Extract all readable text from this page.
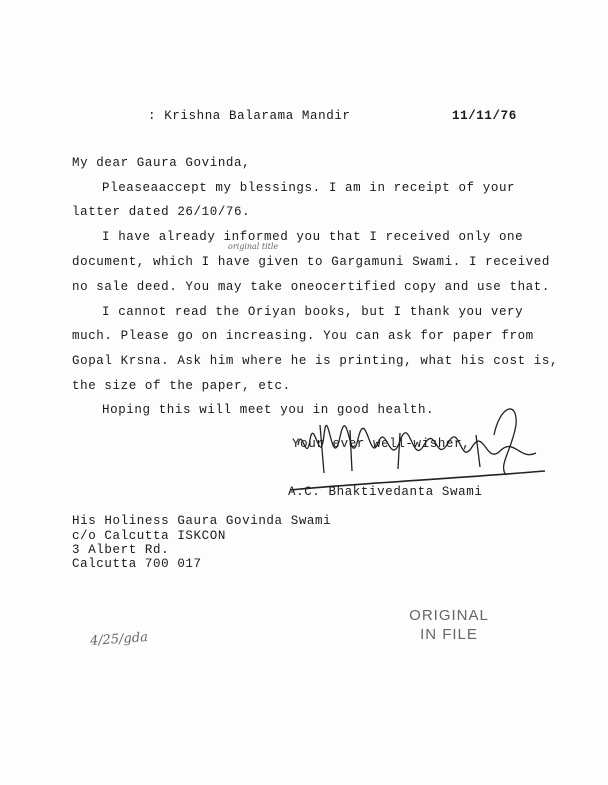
: Krishna Balarama Mandir	11/11/76
My dear Gaura Govinda,
Pleaseaaccept my blessings. I am in receipt of your
latter dated 26/10/76.
I have already informed you that I received only one
original title
document, which I have given to Gargamuni Swami. I received
no sale deed. You may take oneocertified copy and use that.
I cannot read the Oriyan books, but I thank you very
much. Please go on increasing. You can ask for paper from
Gopal Krsna. Ask him where he is printing, what his cost is,
the size of the paper, etc.
Hoping this will meet you in good health.
Your ever well-wisher,
A.C. Bhaktivedanta Swami
His Holiness Gaura Govinda Swami
c/o Calcutta ISKCON
3 Albert Rd.
Calcutta 700 017
ORIGINAL
IN FILE
4/25/gda
